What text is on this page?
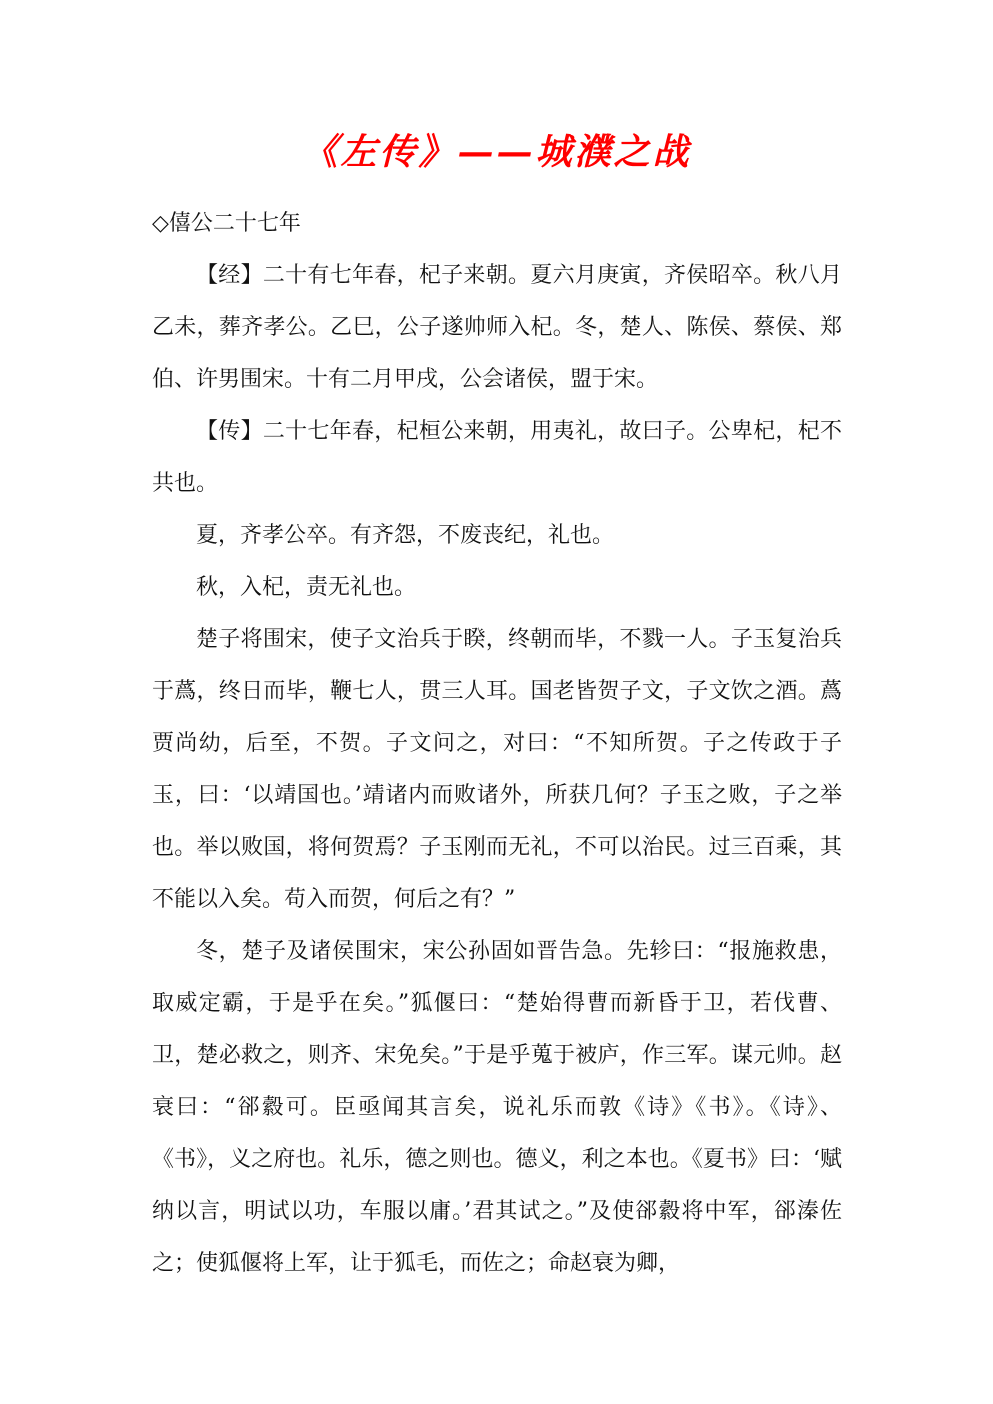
《左传》——城濮之战

◇僖公二十七年

【经】二十有七年春，杞子来朝。夏六月庚寅，齐侯昭卒。秋八月乙未，葬齐孝公。乙巳，公子遂帅师入杞。冬，楚人、陈侯、蔡侯、郑伯、许男围宋。十有二月甲戌，公会诸侯，盟于宋。

【传】二十七年春，杞桓公来朝，用夷礼，故曰子。公卑杞，杞不共也。

夏，齐孝公卒。有齐怨，不废丧纪，礼也。

秋，入杞，责无礼也。

楚子将围宋，使子文治兵于睽，终朝而毕，不戮一人。子玉复治兵于蔿，终日而毕，鞭七人，贯三人耳。国老皆贺子文，子文饮之酒。蔿贾尚幼，后至，不贺。子文问之，对曰：“不知所贺。子之传政于子玉，曰：‘以靖国也。’靖诸内而败诸外，所获几何？子玉之败，子之举也。举以败国，将何贺焉？子玉刚而无礼，不可以治民。过三百乘，其不能以入矣。苟入而贺，何后之有？”

冬，楚子及诸侯围宋，宋公孙固如晋告急。先轸曰：“报施救患，取威定霸，于是乎在矣。”狐偃曰：“楚始得曹而新昏于卫，若伐曹、卫，楚必救之，则齐、宋免矣。”于是乎蒐于被庐，作三军。谋元帅。赵衰曰：“郤縠可。臣亟闻其言矣，说礼乐而敦《诗》《书》。《诗》、《书》，义之府也。礼乐，德之则也。德义，利之本也。《夏书》曰：‘赋纳以言，明试以功，车服以庸。’君其试之。”及使郤縠将中军，郤溱佐之；使狐偃将上军，让于狐毛，而佐之；命赵衰为卿，
